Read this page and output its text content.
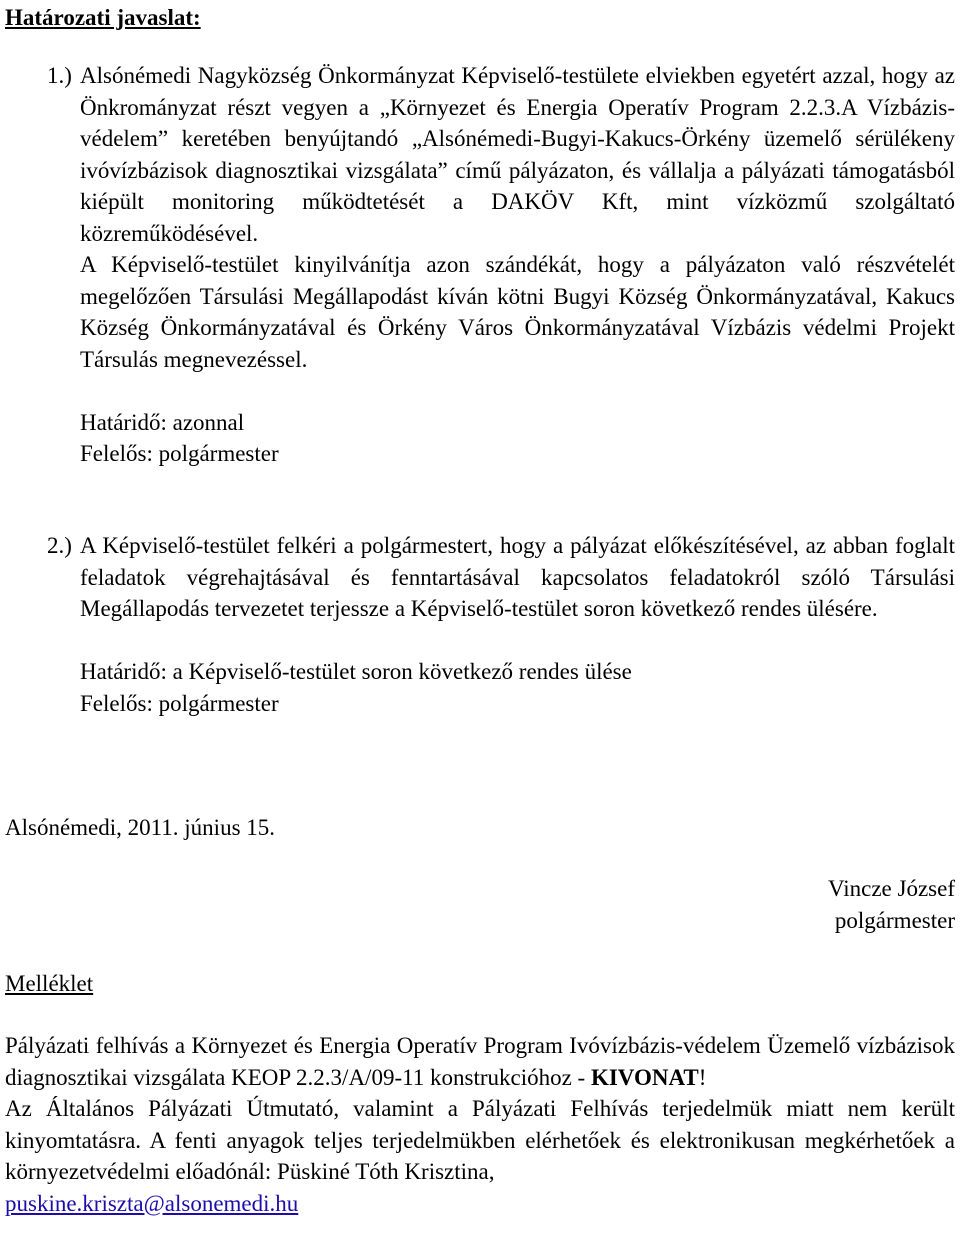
Határozati javaslat:
1.) Alsónémedi Nagyközség Önkormányzat Képviselő-testülete elviekben egyetért azzal, hogy az Önkrományzat részt vegyen a „Környezet és Energia Operatív Program 2.2.3.A Vízbázis-védelem” keretében benyújtandó „Alsónémedi-Bugyi-Kakucs-Örkény üzemelő sérülékeny ivóvízbázisok diagnosztikai vizsgálata” című pályázaton, és vállalja a pályázati támogatásból kiépült monitoring működtetését a DAKÖV Kft, mint vízközmű szolgáltató közreműködésével.

A Képviselő-testület kinyilvánítja azon szándékát, hogy a pályázaton való részvételét megelőzően Társulási Megállapodást kíván kötni Bugyi Község Önkormányzatával, Kakucs Község Önkormányzatával és Örkény Város Önkormányzatával Vízbázis védelmi Projekt Társulás megnevezéssel.

Határidő: azonnal

Felelős: polgármester

2.) A Képviselő-testület felkéri a polgármestert, hogy a pályázat előkészítésével, az abban foglalt feladatok végrehajtásával és fenntartásával kapcsolatos feladatokról szóló Társulási Megállapodás tervezetet terjessze a Képviselő-testület soron következő rendes ülésére.

Határidő: a Képviselő-testület soron következő rendes ülése

Felelős: polgármester

Alsónémedi, 2011. június 15.
Vincze József
polgármester
Melléklet

Pályázati felhívás a Környezet és Energia Operatív Program Ivóvízbázis-védelem Üzemelő vízbázisok diagnosztikai vizsgálata KEOP 2.2.3/A/09-11 konstrukcióhoz - KIVONAT!

Az Általános Pályázati Útmutató, valamint a Pályázati Felhívás terjedelmük miatt nem került kinyomtatásra. A fenti anyagok teljes terjedelmükben elérhetőek és elektronikusan megkérhetőek a környezetvédelmi előadónál: Püskiné Tóth Krisztina,

puskine.kriszta@alsonemedi.hu
